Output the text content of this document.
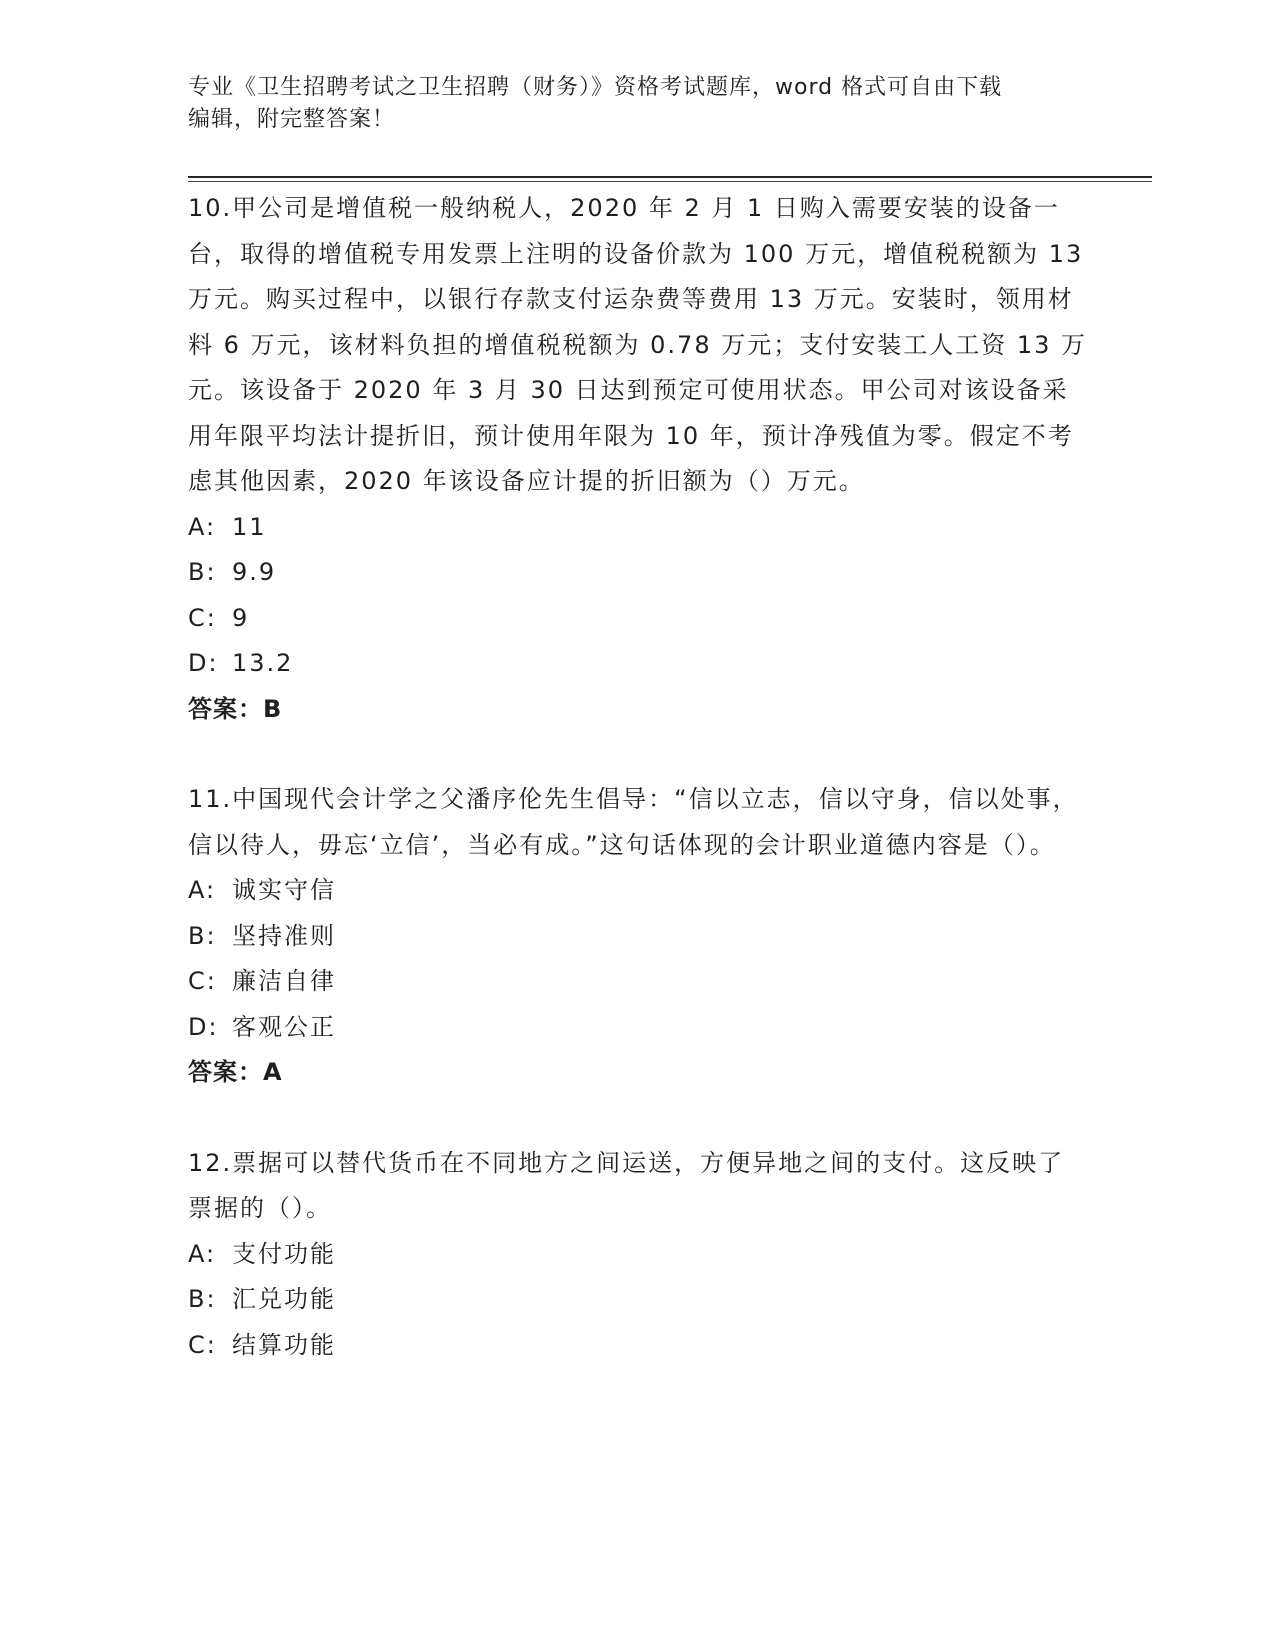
专业《卫生招聘考试之卫生招聘（财务）》资格考试题库，word 格式可自由下载
编辑，附完整答案！

10.甲公司是增值税一般纳税人，2020 年 2 月 1 日购入需要安装的设备一台，取得的增值税专用发票上注明的设备价款为 100 万元，增值税税额为 13 万元。购买过程中，以银行存款支付运杂费等费用 13 万元。安装时，领用材料 6 万元，该材料负担的增值税税额为 0.78 万元；支付安装工人工资 13 万元。该设备于 2020 年 3 月 30 日达到预定可使用状态。甲公司对该设备采用年限平均法计提折旧，预计使用年限为 10 年，预计净残值为零。假定不考虑其他因素，2020 年该设备应计提的折旧额为（）万元。

A: 11
B: 9.9
C: 9
D: 13.2
答案：B

11.中国现代会计学之父潘序伦先生倡导：“信以立志，信以守身，信以处事，信以待人，毋忘‘立信’，当必有成。”这句话体现的会计职业道德内容是（）。

A: 诚实守信
B: 坚持准则
C: 廉洁自律
D: 客观公正
答案：A

12.票据可以替代货币在不同地方之间运送，方便异地之间的支付。这反映了票据的（）。

A: 支付功能
B: 汇兑功能
C: 结算功能
